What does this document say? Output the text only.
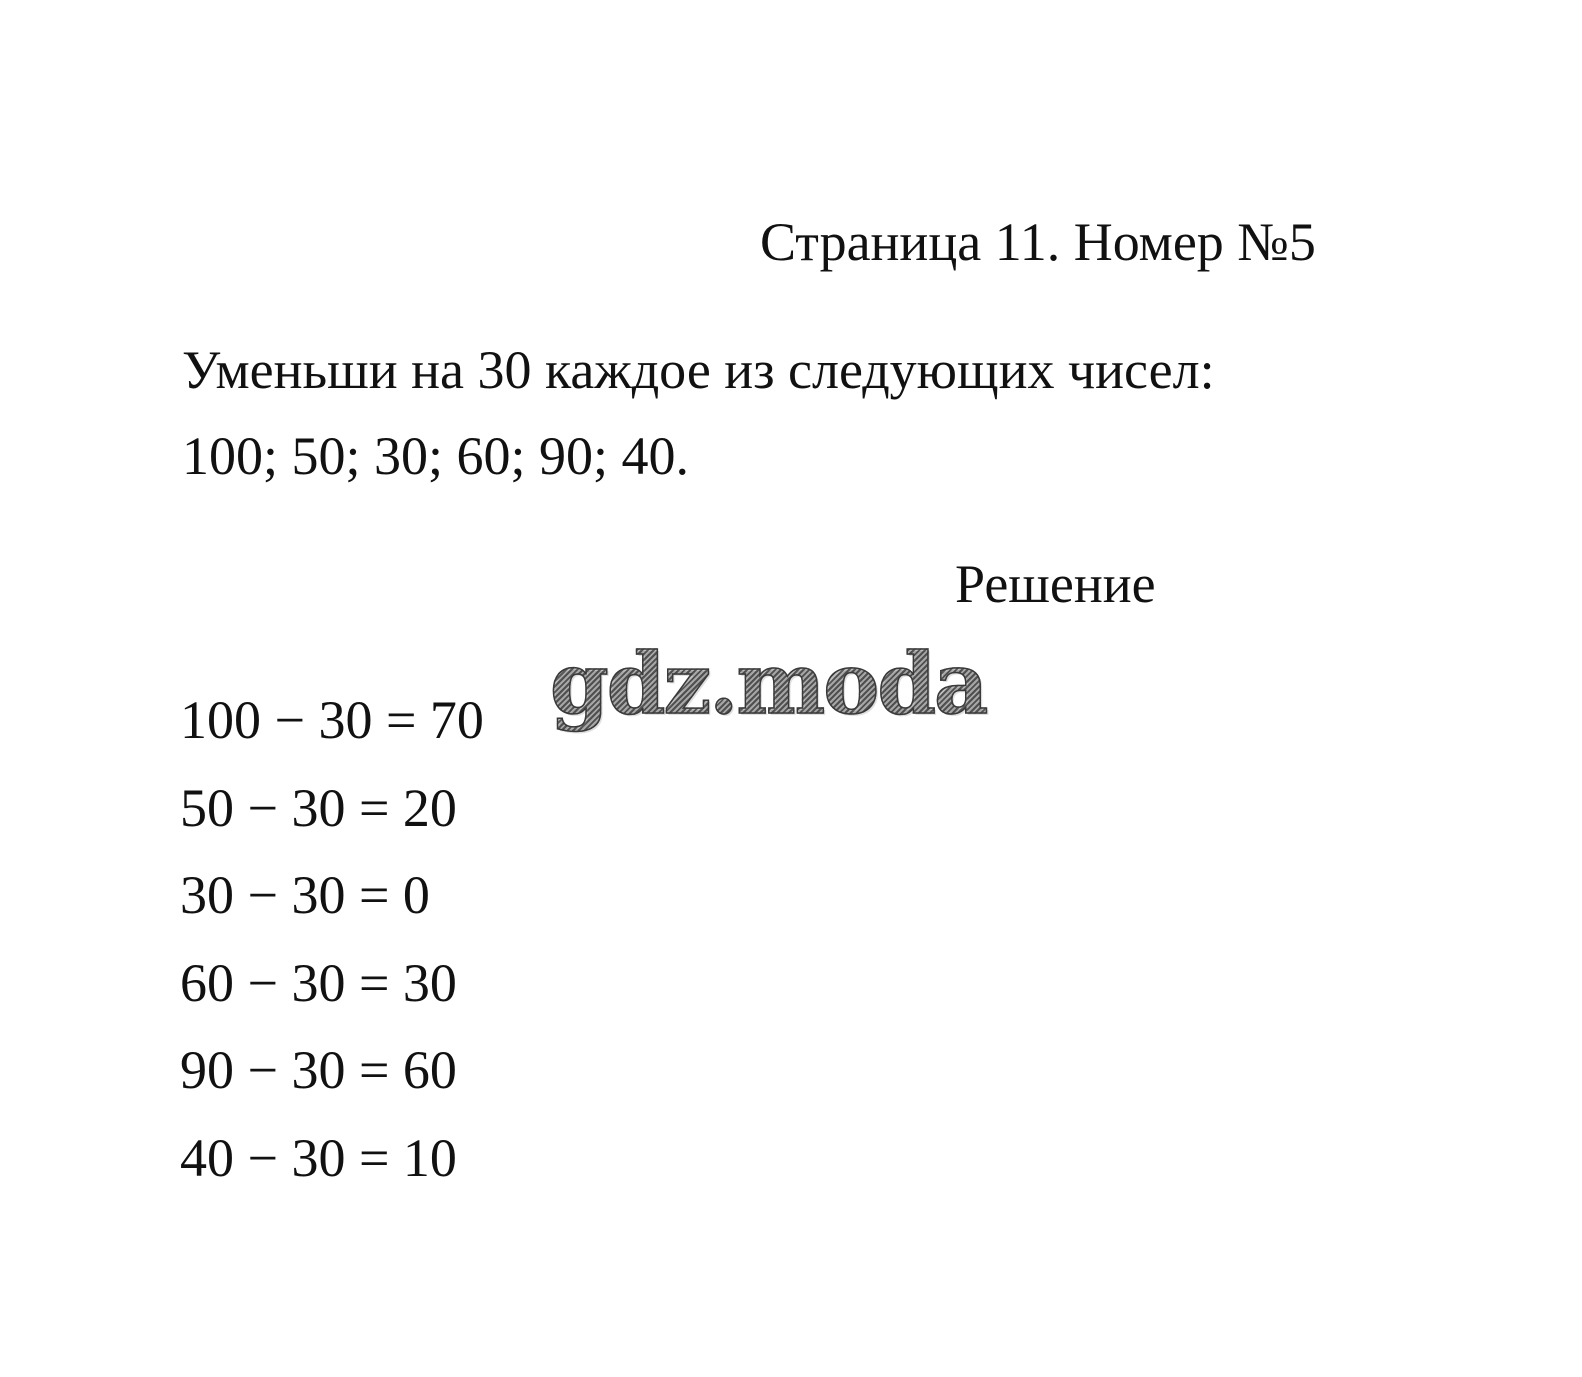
Страница 11. Номер №5
Уменьши на 30 каждое из следующих чисел:
100; 50; 30; 60; 90; 40.
Решение
100 − 30 = 70
50 − 30 = 20
30 − 30 = 0
60 − 30 = 30
90 − 30 = 60
40 − 30 = 10
gdz.moda
